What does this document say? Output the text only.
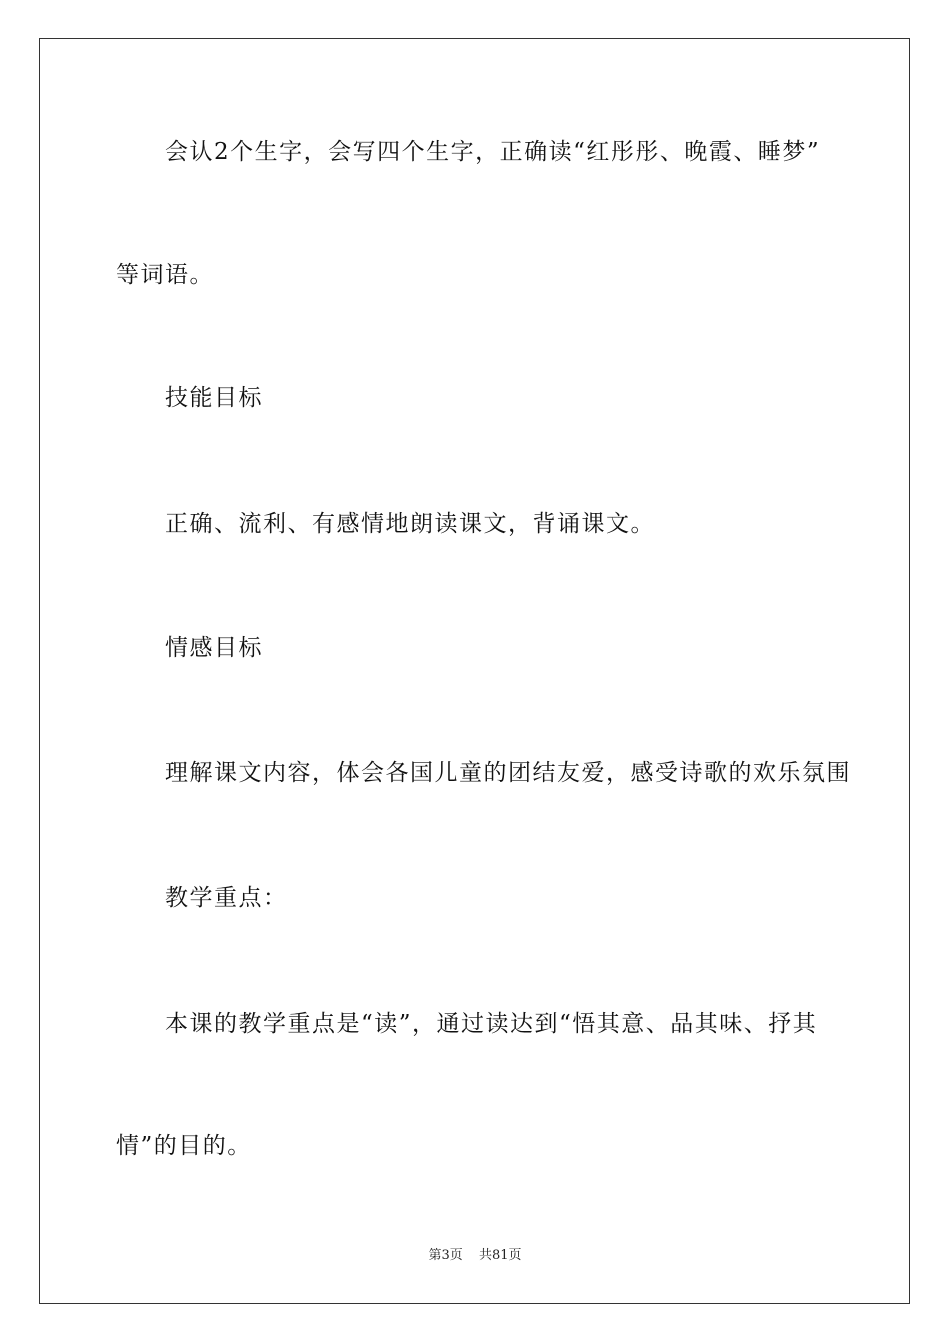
会认2个生字，会写四个生字，正确读“红彤彤、晚霞、睡梦”
等词语。
技能目标
正确、流利、有感情地朗读课文，背诵课文。
情感目标
理解课文内容，体会各国儿童的团结友爱，感受诗歌的欢乐氛围
教学重点：
本课的教学重点是“读”，通过读达到“悟其意、品其味、抒其
情”的目的。
第3页 共81页
